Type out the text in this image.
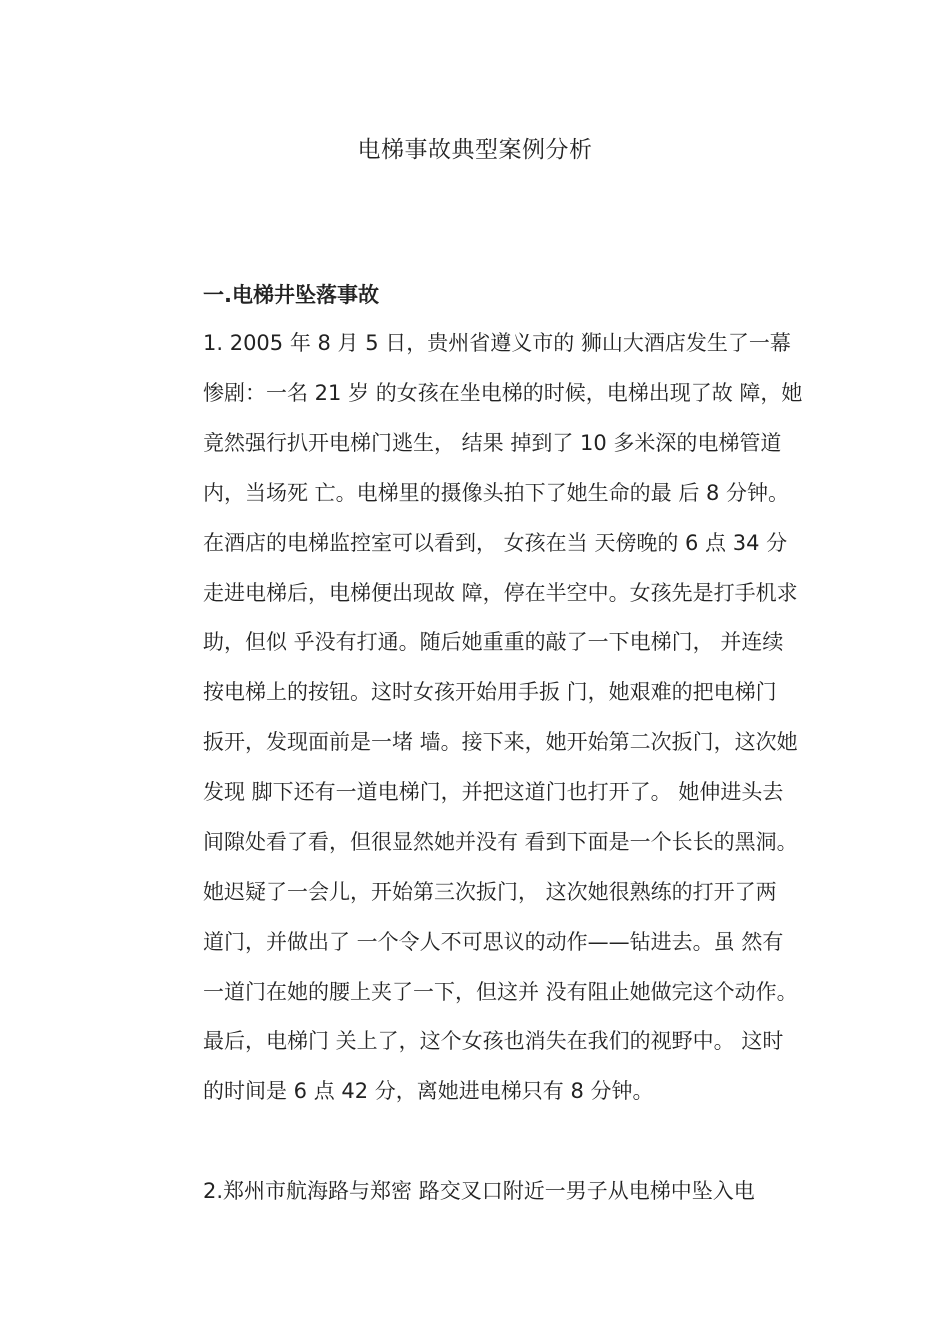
电梯事故典型案例分析
一.电梯井坠落事故
1. 2005 年 8 月 5 日，贵州省遵义市的 狮山大酒店发生了一幕
惨剧：一名 21 岁 的女孩在坐电梯的时候，电梯出现了故 障，她
竟然强行扒开电梯门逃生， 结果 掉到了 10 多米深的电梯管道
内，当场死 亡。电梯里的摄像头拍下了她生命的最 后 8 分钟。
在酒店的电梯监控室可以看到， 女孩在当 天傍晚的 6 点 34 分
走进电梯后，电梯便出现故 障，停在半空中。女孩先是打手机求
助，但似 乎没有打通。随后她重重的敲了一下电梯门， 并连续
按电梯上的按钮。这时女孩开始用手扳 门，她艰难的把电梯门
扳开，发现面前是一堵 墙。接下来，她开始第二次扳门，这次她
发现 脚下还有一道电梯门，并把这道门也打开了。 她伸进头去
间隙处看了看，但很显然她并没有 看到下面是一个长长的黑洞。
她迟疑了一会儿，开始第三次扳门， 这次她很熟练的打开了两
道门，并做出了 一个令人不可思议的动作——钻进去。虽 然有
一道门在她的腰上夹了一下，但这并 没有阻止她做完这个动作。
最后，电梯门 关上了，这个女孩也消失在我们的视野中。 这时
的时间是 6 点 42 分，离她进电梯只有 8 分钟。
2.郑州市航海路与郑密 路交叉口附近一男子从电梯中坠入电
